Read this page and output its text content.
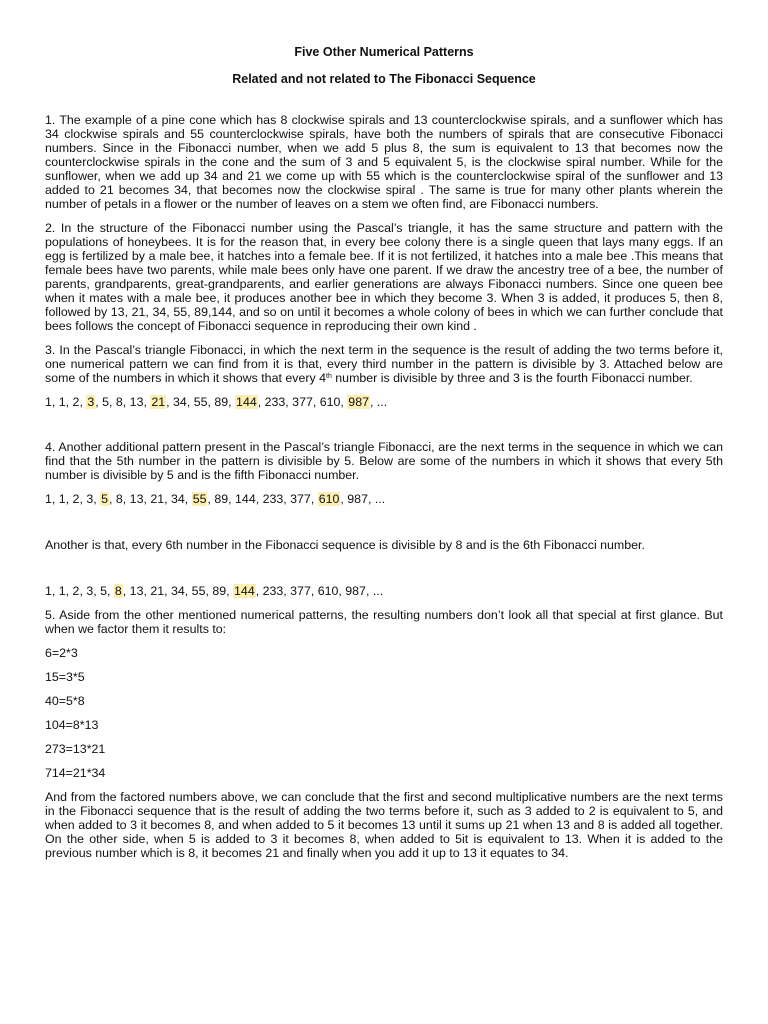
Five Other Numerical Patterns
Related and not related to The Fibonacci Sequence

1. The example of a pine cone which has 8 clockwise spirals and 13 counterclockwise spirals, and a sunflower which has 34 clockwise spirals and 55 counterclockwise spirals, have both the numbers of spirals that are consecutive Fibonacci numbers. Since in the Fibonacci number, when we add 5 plus 8, the sum is equivalent to 13 that becomes now the counterclockwise spirals in the cone and the sum of 3 and 5 equivalent 5, is the clockwise spiral number. While for the sunflower, when we add up 34 and 21 we come up with 55 which is the counterclockwise spiral of the sunflower and 13 added to 21 becomes 34, that becomes now the clockwise spiral . The same is true for many other plants wherein the number of petals in a flower or the number of leaves on a stem we often find, are Fibonacci numbers.

2. In the structure of the Fibonacci number using the Pascal’s triangle, it has the same structure and pattern with the populations of honeybees. It is for the reason that, in every bee colony there is a single queen that lays many eggs. If an egg is fertilized by a male bee, it hatches into a female bee. If it is not fertilized, it hatches into a male bee .This means that female bees have two parents, while male bees only have one parent. If we draw the ancestry tree of a bee, the number of parents, grandparents, great-grandparents, and earlier generations are always Fibonacci numbers. Since one queen bee when it mates with a male bee, it produces another bee in which they become 3. When 3 is added, it produces 5, then 8, followed by 13, 21, 34, 55, 89,144, and so on until it becomes a whole colony of bees in which we can further conclude that bees follows the concept of Fibonacci sequence in reproducing their own kind .

3. In the Pascal’s triangle Fibonacci, in which the next term in the sequence is the result of adding the two terms before it, one numerical pattern we can find from it is that, every third number in the pattern is divisible by 3. Attached below are some of the numbers in which it shows that every 4th number is divisible by three and 3 is the fourth Fibonacci number.

1, 1, 2, 3, 5, 8, 13, 21, 34, 55, 89, 144, 233, 377, 610, 987, ...

4. Another additional pattern present in the Pascal’s triangle Fibonacci, are the next terms in the sequence in which we can find that the 5th number in the pattern is divisible by 5. Below are some of the numbers in which it shows that every 5th number is divisible by 5 and is the fifth Fibonacci number.

1, 1, 2, 3, 5, 8, 13, 21, 34, 55, 89, 144, 233, 377, 610, 987, ...

Another is that, every 6th number in the Fibonacci sequence is divisible by 8 and is the 6th Fibonacci number.

1, 1, 2, 3, 5, 8, 13, 21, 34, 55, 89, 144, 233, 377, 610, 987, ...

5. Aside from the other mentioned numerical patterns, the resulting numbers don’t look all that special at first glance. But when we factor them it results to:

6=2*3

15=3*5

40=5*8

104=8*13

273=13*21

714=21*34

And from the factored numbers above, we can conclude that the first and second multiplicative numbers are the next terms in the Fibonacci sequence that is the result of adding the two terms before it, such as 3 added to 2 is equivalent to 5, and when added to 3 it becomes 8, and when added to 5 it becomes 13 until it sums up 21 when 13 and 8 is added all together. On the other side, when 5 is added to 3 it becomes 8, when added to 5it is equivalent to 13. When it is added to the previous number which is 8, it becomes 21 and finally when you add it up to 13 it equates to 34.
